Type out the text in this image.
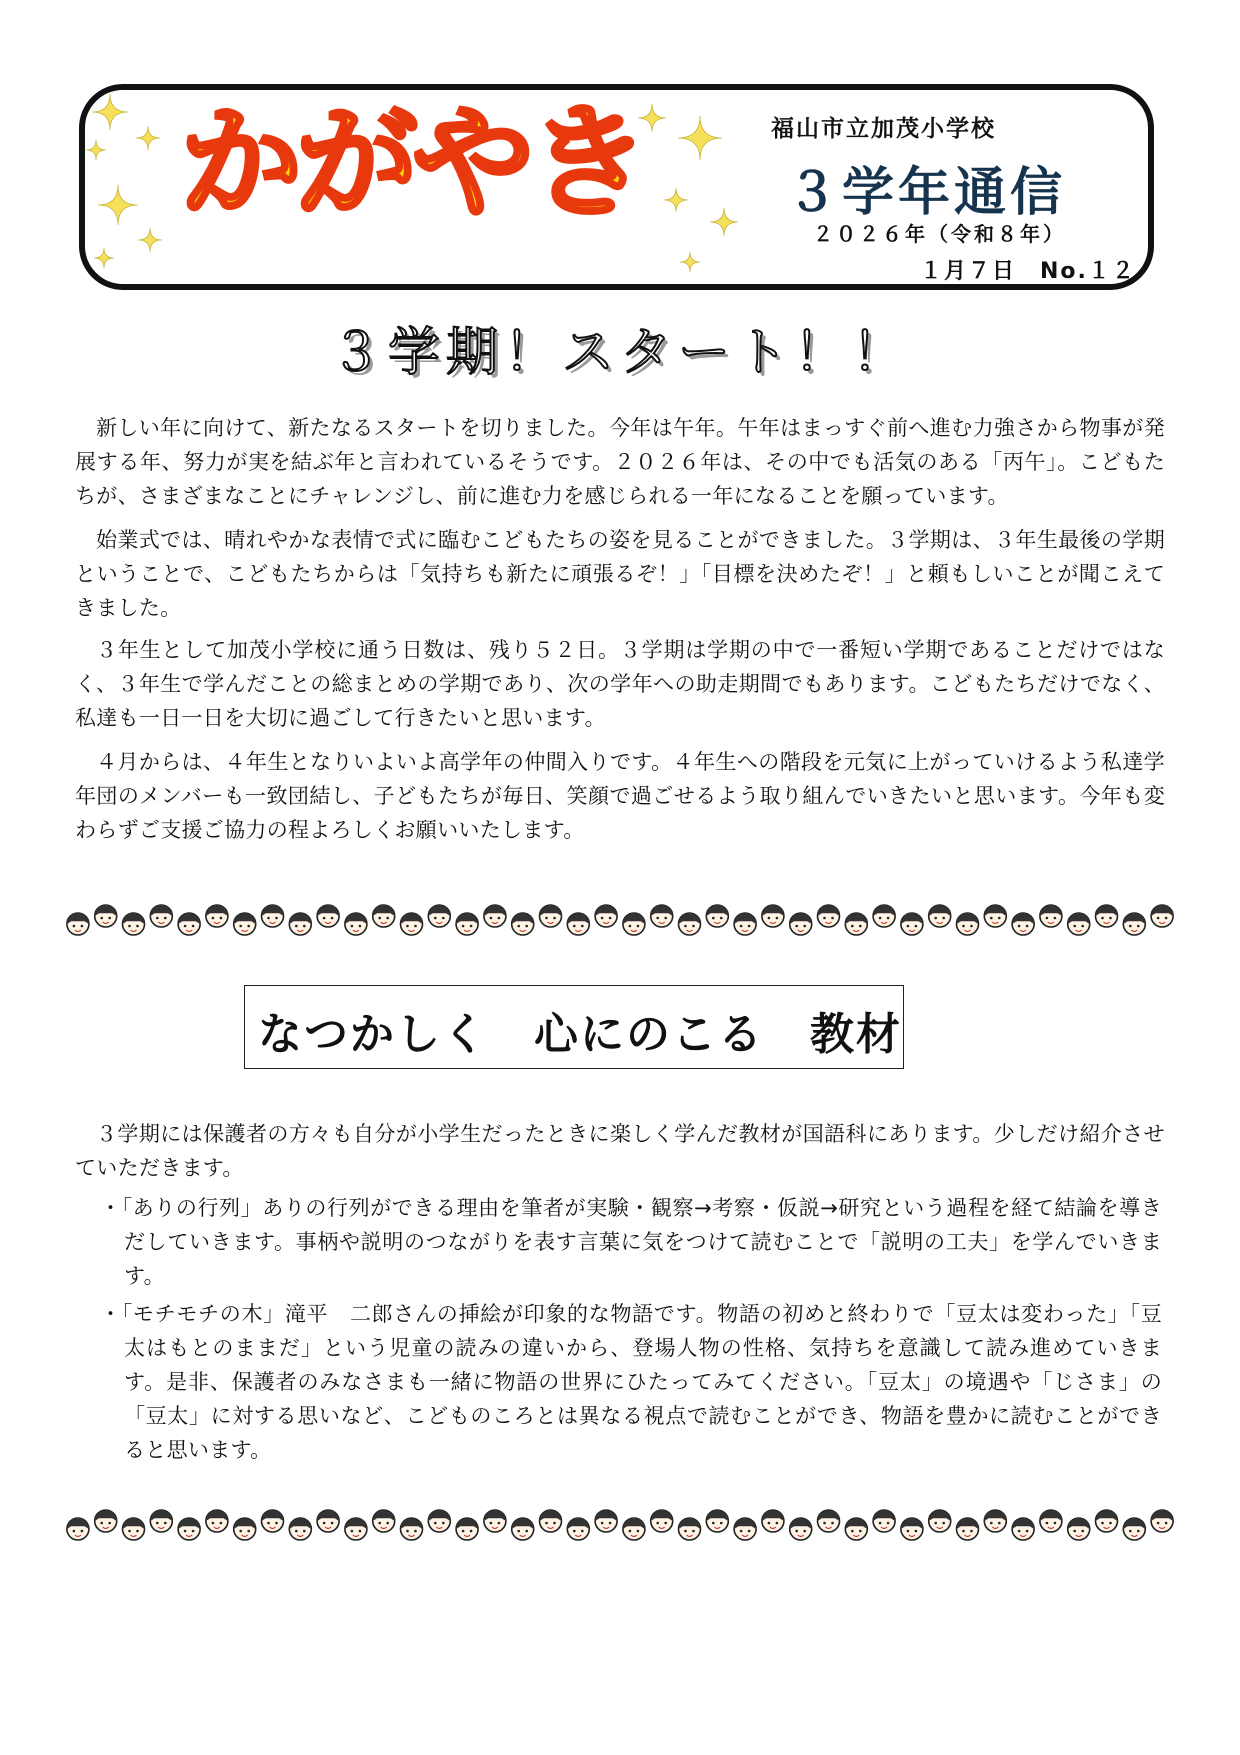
かがやき	福山市立加茂小学校
３学年通信
２０２６年（令和８年）
１月７日　No.１２
３学期！スタート！！
新しい年に向けて、新たなるスタートを切りました。今年は午年。午年はまっすぐ前へ進む力強さから物事が発展する年、努力が実を結ぶ年と言われているそうです。２０２６年は、その中でも活気のある「丙午」。こどもたちが、さまざまなことにチャレンジし、前に進む力を感じられる一年になることを願っています。
始業式では、晴れやかな表情で式に臨むこどもたちの姿を見ることができました。３学期は、３年生最後の学期ということで、こどもたちからは「気持ちも新たに頑張るぞ！」「目標を決めたぞ！」と頼もしいことが聞こえてきました。
３年生として加茂小学校に通う日数は、残り５２日。３学期は学期の中で一番短い学期であることだけではなく、３年生で学んだことの総まとめの学期であり、次の学年への助走期間でもあります。こどもたちだけでなく、私達も一日一日を大切に過ごして行きたいと思います。
４月からは、４年生となりいよいよ高学年の仲間入りです。４年生への階段を元気に上がっていけるよう私達学年団のメンバーも一致団結し、子どもたちが毎日、笑顔で過ごせるよう取り組んでいきたいと思います。今年も変わらずご支援ご協力の程よろしくお願いいたします。
なつかしく　心にのこる　教材
３学期には保護者の方々も自分が小学生だったときに楽しく学んだ教材が国語科にあります。少しだけ紹介させていただきます。
・「ありの行列」ありの行列ができる理由を筆者が実験・観察→考察・仮説→研究という過程を経て結論を導きだしていきます。事柄や説明のつながりを表す言葉に気をつけて読むことで「説明の工夫」を学んでいきます。
・「モチモチの木」滝平　二郎さんの挿絵が印象的な物語です。物語の初めと終わりで「豆太は変わった」「豆太はもとのままだ」という児童の読みの違いから、登場人物の性格、気持ちを意識して読み進めていきます。是非、保護者のみなさまも一緒に物語の世界にひたってみてください。「豆太」の境遇や「じさま」の「豆太」に対する思いなど、こどものころとは異なる視点で読むことができ、物語を豊かに読むことができると思います。
